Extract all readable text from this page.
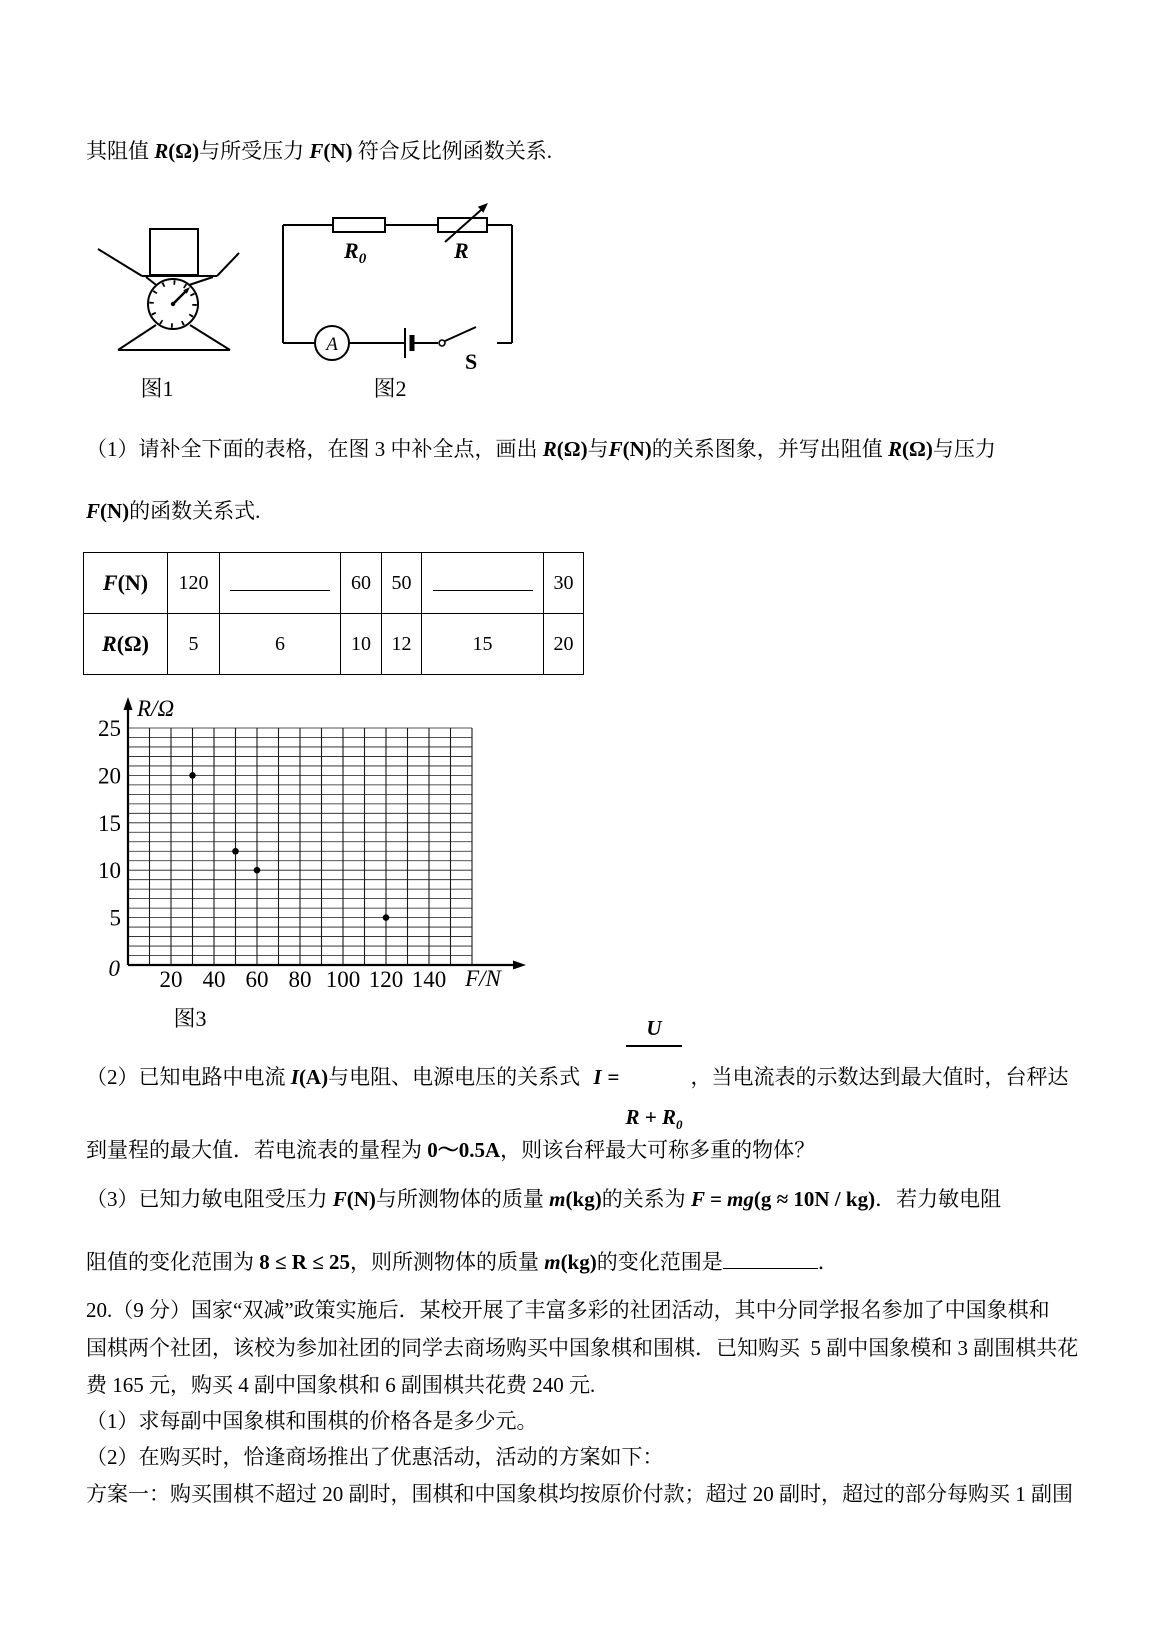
其阻值 R(Ω)与所受压力 F(N) 符合反比例函数关系.
图1
$R_0$	R
A
S
图2
（1）请补全下面的表格，在图 3 中补全点，画出 R(Ω)与F(N)的关系图象，并写出阻值 R(Ω)与压力
F(N)的函数关系式.
F(N)	120		60	50		30
R(Ω)	5	6	10	12	15	20
20 40 60 80 100 120 140
5
10
15
20
25
0
R/Ω
F/N
图3
（2）已知电路中电流 I(A)与电阻、电源电压的关系式 I =

$\frac{U}{R + R_0}$

，当电流表的示数达到最大值时，台秤达
到量程的最大值．若电流表的量程为 0～0.5A，则该台秤最大可称多重的物体？
（3）已知力敏电阻受压力 F(N)与所测物体的质量 m(kg)的关系为 F = mg(g ≈ 10N / kg)．若力敏电阻
阻值的变化范围为 8 ≤ R ≤ 25，则所测物体的质量 m(kg)的变化范围是	．
20.（9 分）国家“双减”政策实施后．某校开展了丰富多彩的社团活动，其中分同学报名参加了中国象棋和
国棋两个社团，该校为参加社团的同学去商场购买中国象棋和围棋．已知购买  5 副中国象模和 3 副围棋共花
费 165 元，购买 4 副中国象棋和 6 副围棋共花费 240 元.
（1）求每副中国象棋和围棋的价格各是多少元。
（2）在购买时，恰逢商场推出了优惠活动，活动的方案如下：
方案一：购买围棋不超过 20 副时，围棋和中国象棋均按原价付款；超过 20 副时，超过的部分每购买 1 副围
